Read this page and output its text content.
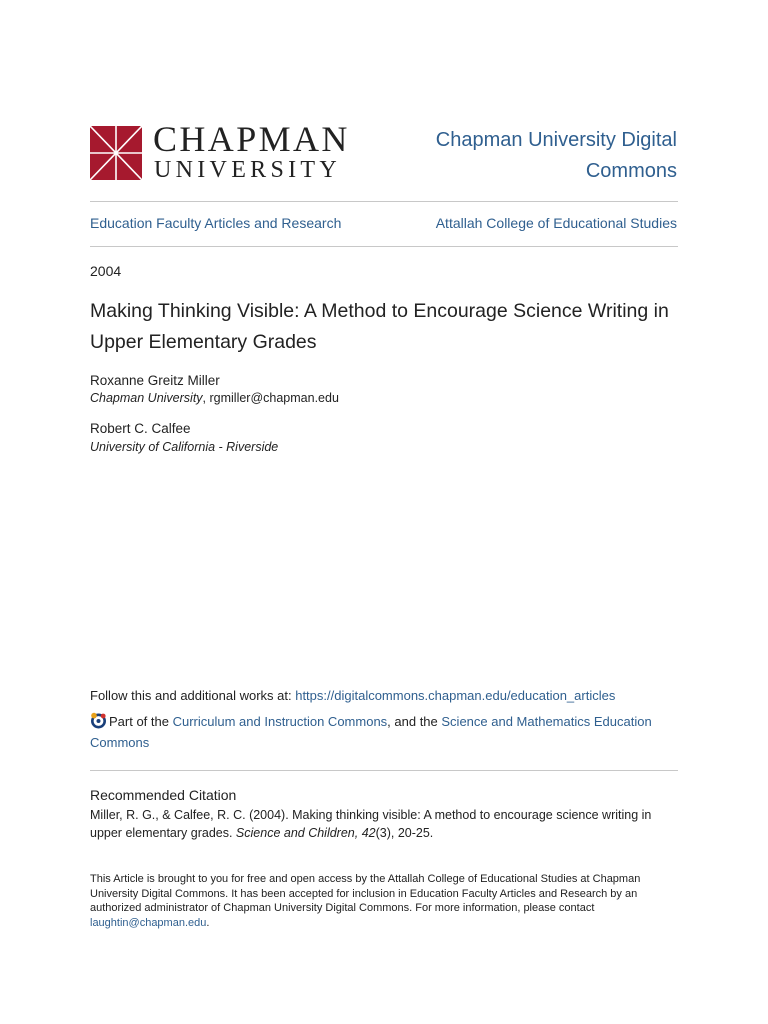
CHAPMAN
UNIVERSITY
Chapman University Digital Commons
Education Faculty Articles and Research	Attallah College of Educational Studies
2004
Making Thinking Visible: A Method to Encourage Science Writing in Upper Elementary Grades
Roxanne Greitz Miller
Chapman University, rgmiller@chapman.edu
Robert C. Calfee
University of California - Riverside
Follow this and additional works at: https://digitalcommons.chapman.edu/education_articles
Part of the Curriculum and Instruction Commons, and the Science and Mathematics Education Commons
Recommended Citation
Miller, R. G., & Calfee, R. C. (2004). Making thinking visible: A method to encourage science writing in upper elementary grades. Science and Children, 42(3), 20-25.
This Article is brought to you for free and open access by the Attallah College of Educational Studies at Chapman University Digital Commons. It has been accepted for inclusion in Education Faculty Articles and Research by an authorized administrator of Chapman University Digital Commons. For more information, please contact laughtin@chapman.edu.
